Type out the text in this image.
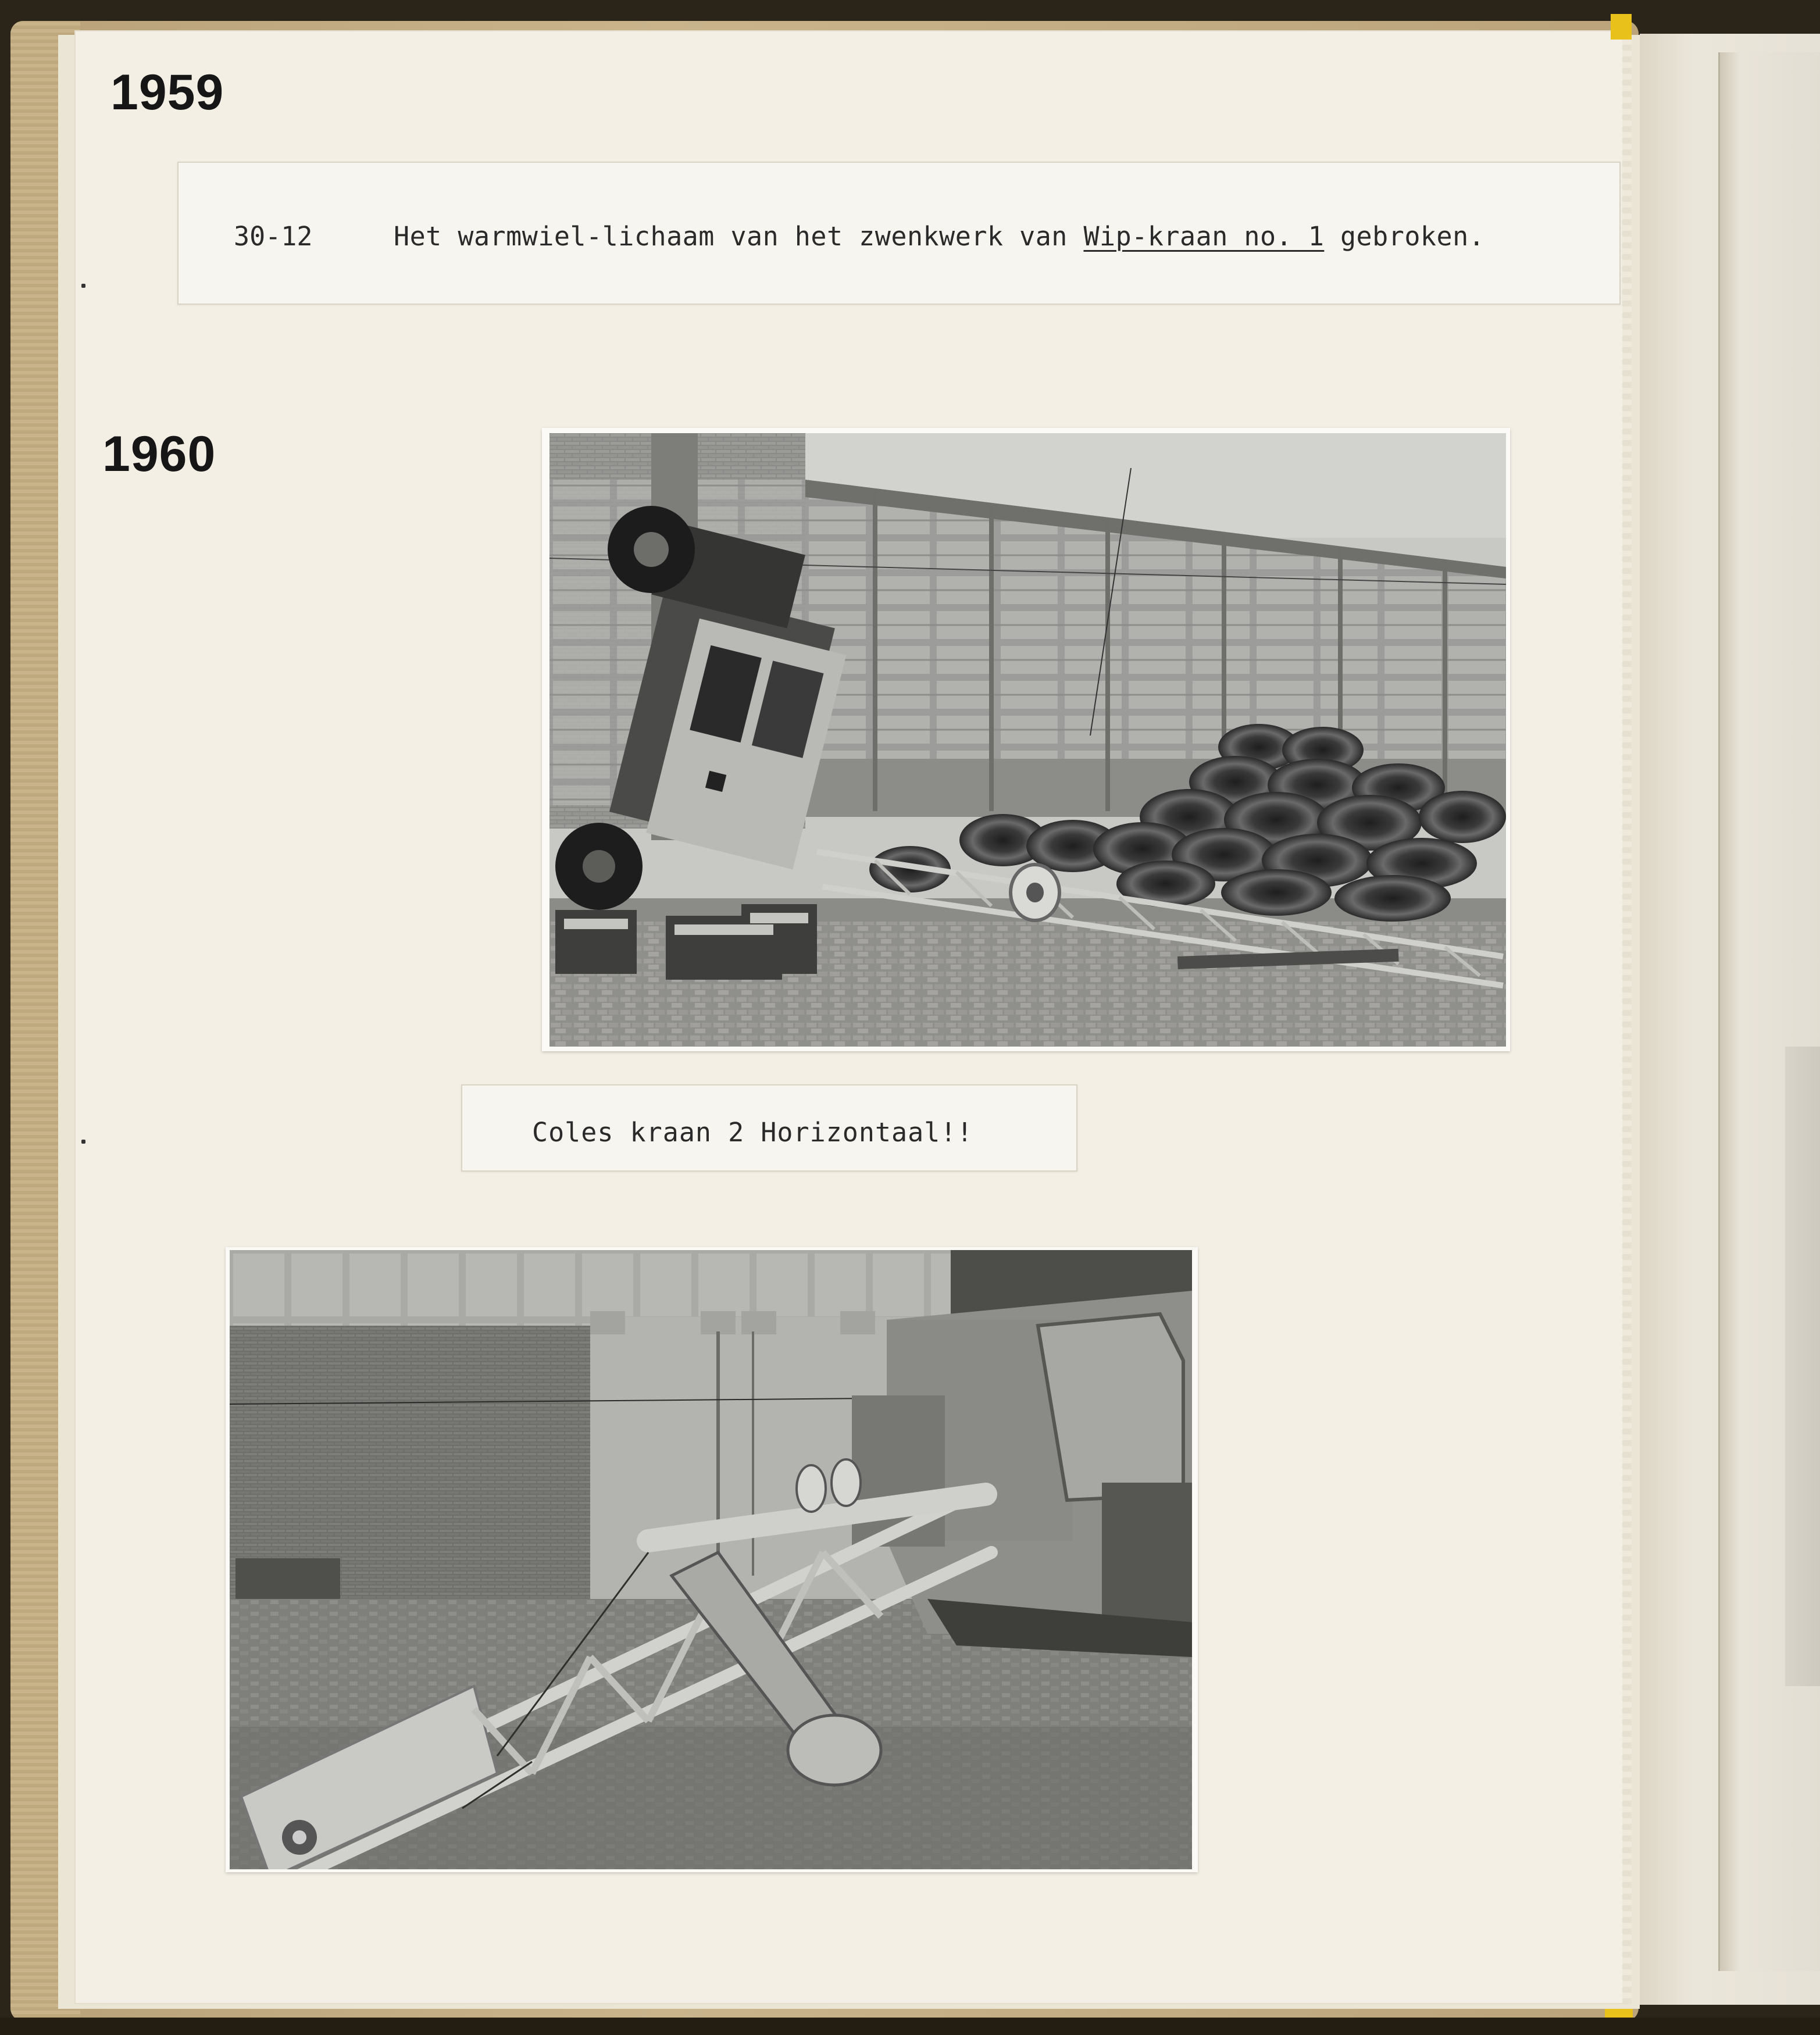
1959
30-12	Het warmwiel-lichaam van het zwenkwerk van Wip-kraan no. 1 gebroken.
1960
Coles kraan 2 Horizontaal!!
